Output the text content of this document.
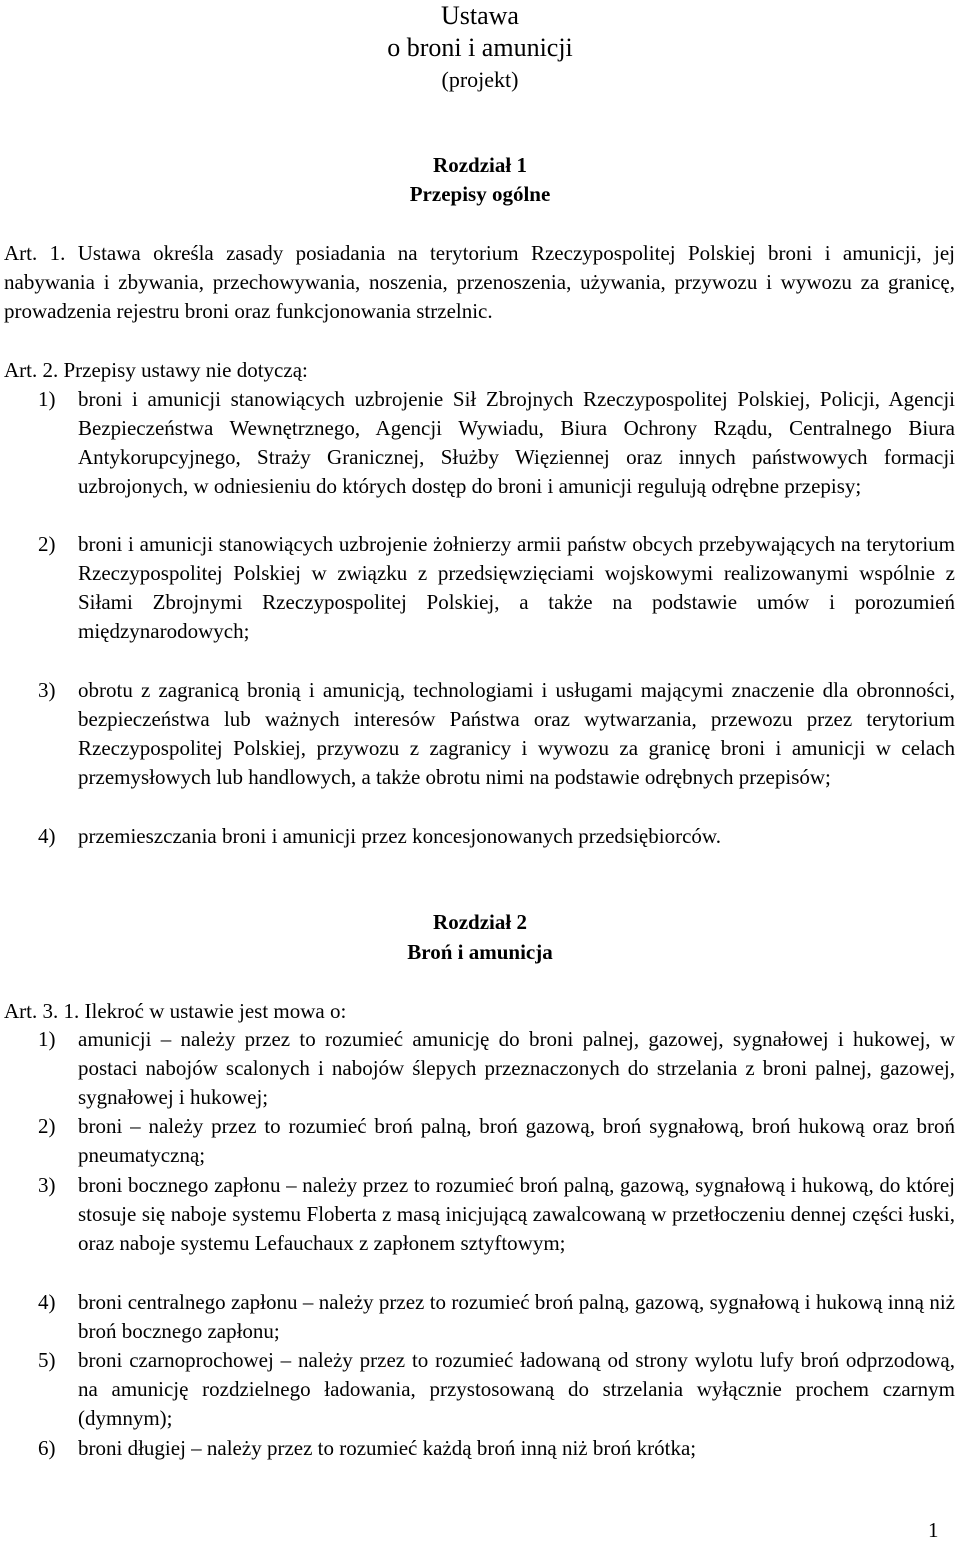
Ustawa
o broni i amunicji
(projekt)
Rozdział 1
Przepisy ogólne
Art. 1. Ustawa określa zasady posiadania na terytorium Rzeczypospolitej Polskiej broni i amunicji, jej nabywania i zbywania, przechowywania, noszenia, przenoszenia, używania, przywozu i wywozu za granicę, prowadzenia rejestru broni oraz funkcjonowania strzelnic.
Art. 2. Przepisy ustawy nie dotyczą:
1)	broni i amunicji stanowiących uzbrojenie Sił Zbrojnych Rzeczypospolitej Polskiej, Policji, Agencji Bezpieczeństwa Wewnętrznego, Agencji Wywiadu, Biura Ochrony Rządu, Centralnego Biura Antykorupcyjnego, Straży Granicznej, Służby Więziennej oraz innych państwowych formacji uzbrojonych, w odniesieniu do których dostęp do broni i amunicji regulują odrębne przepisy;
2)	broni i amunicji stanowiących uzbrojenie żołnierzy armii państw obcych przebywających na terytorium Rzeczypospolitej Polskiej w związku z przedsięwzięciami wojskowymi realizowanymi wspólnie z Siłami Zbrojnymi Rzeczypospolitej Polskiej, a także na podstawie umów i porozumień międzynarodowych;
3)	obrotu z zagranicą bronią i amunicją, technologiami i usługami mającymi znaczenie dla obronności, bezpieczeństwa lub ważnych interesów Państwa oraz wytwarzania, przewozu przez terytorium Rzeczypospolitej Polskiej, przywozu z zagranicy i wywozu za granicę broni i amunicji w celach przemysłowych lub handlowych, a także obrotu nimi na podstawie odrębnych przepisów;
4)	przemieszczania broni i amunicji przez koncesjonowanych przedsiębiorców.
Rozdział 2
Broń i amunicja
Art. 3. 1. Ilekroć w ustawie jest mowa o:
1)	amunicji – należy przez to rozumieć amunicję do broni palnej, gazowej, sygnałowej i hukowej, w postaci nabojów scalonych i nabojów ślepych przeznaczonych do strzelania z broni palnej, gazowej, sygnałowej i hukowej;
2)	broni – należy przez to rozumieć broń palną, broń gazową, broń sygnałową, broń hukową oraz broń pneumatyczną;
3)	broni bocznego zapłonu – należy przez to rozumieć broń palną, gazową, sygnałową i hukową, do której stosuje się naboje systemu Floberta z masą inicjującą zawalcowaną w przetłoczeniu dennej części łuski, oraz naboje systemu Lefauchaux z zapłonem sztyftowym;
4)	broni centralnego zapłonu – należy przez to rozumieć broń palną, gazową, sygnałową i hukową inną niż broń bocznego zapłonu;
5)	broni czarnoprochowej – należy przez to rozumieć ładowaną od strony wylotu lufy broń odprzodową, na amunicję rozdzielnego ładowania, przystosowaną do strzelania wyłącznie prochem czarnym (dymnym);
6)	broni długiej – należy przez to rozumieć każdą broń inną niż broń krótka;
1
